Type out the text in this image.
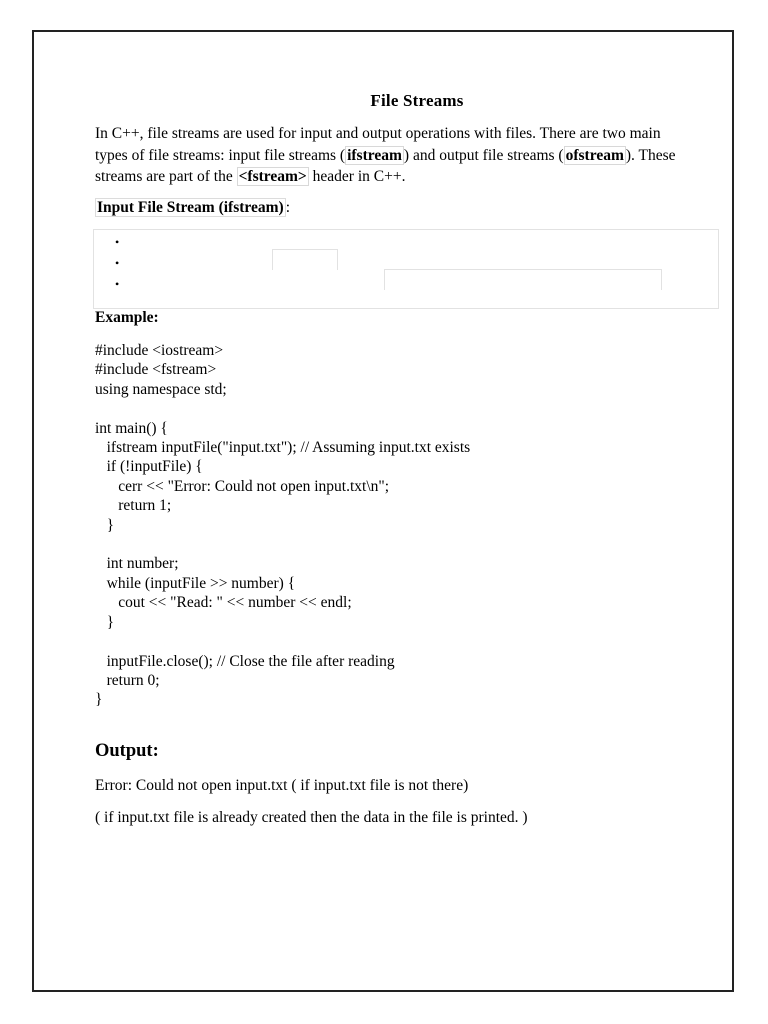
File Streams
In C++, file streams are used for input and output operations with files. There are two main types of file streams: input file streams ( ifstream ) and output file streams ( ofstream ). These streams are part of the <fstream> header in C++.
Input File Stream (ifstream) :
•
•
•
Example:
#include <iostream>
#include <fstream>
using namespace std;

int main() {
ifstream inputFile("input.txt"); // Assuming input.txt exists
if (!inputFile) {
cerr << "Error: Could not open input.txt\n";
return 1;
}

int number;
while (inputFile >> number) {
cout << "Read: " << number << endl;
}

inputFile.close(); // Close the file after reading
return 0;
}
Output:
Error: Could not open input.txt ( if input.txt file is not there)
( if input.txt file is already created then the data in the file is printed. )
